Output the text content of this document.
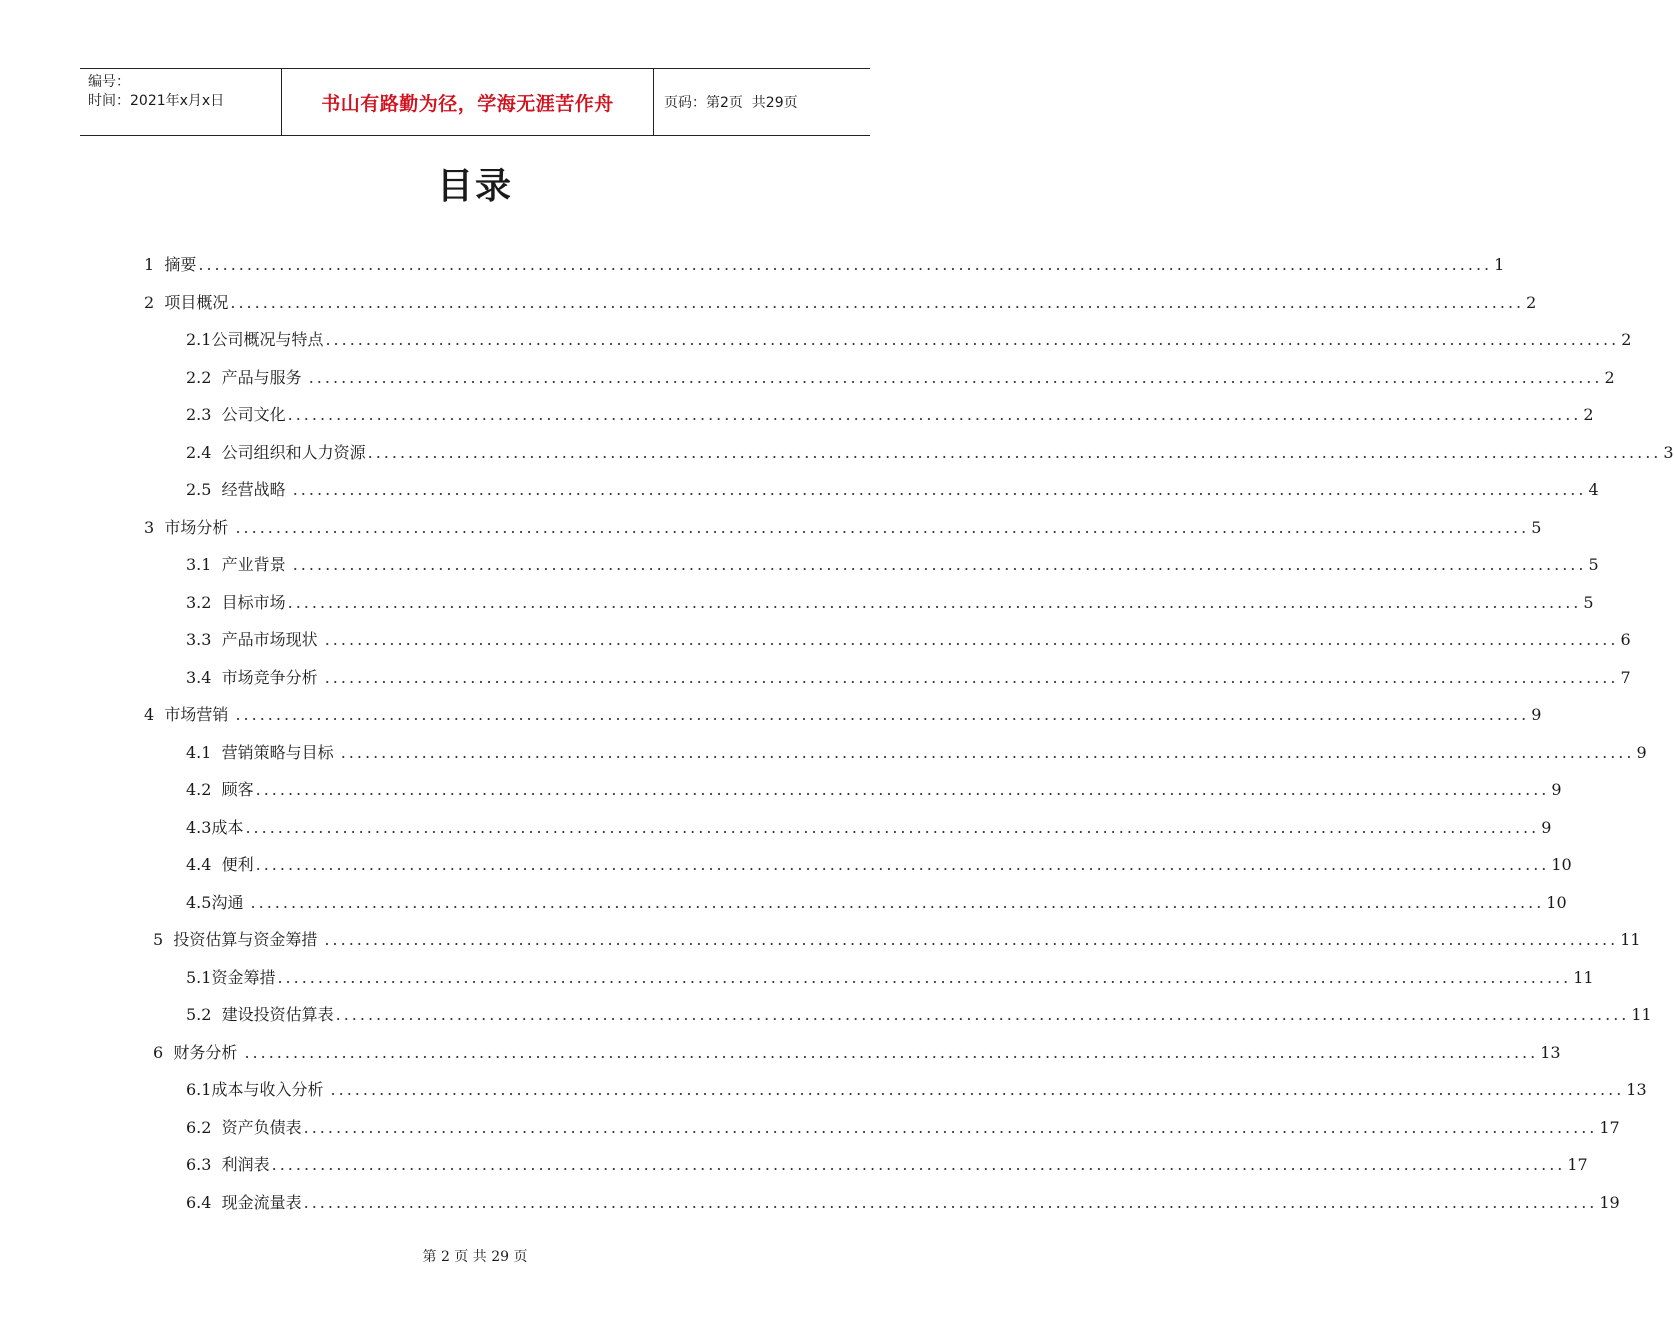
编号：
时间：2021年x月x日	书山有路勤为径，学海无涯苦作舟	页码：第2页  共29页
目录
1  摘要 ................................................................................................................................................................ 1
2  项目概况 ................................................................................................................................................................ 2
2.1公司概况与特点 ................................................................................................................................................................ 2
2.2  产品与服务 ................................................................................................................................................................ 2
2.3  公司文化 ................................................................................................................................................................ 2
2.4  公司组织和人力资源 ................................................................................................................................................................ 3
2.5  经营战略 ................................................................................................................................................................ 4
3  市场分析 ................................................................................................................................................................ 5
3.1  产业背景 ................................................................................................................................................................ 5
3.2  目标市场 ................................................................................................................................................................ 5
3.3  产品市场现状 ................................................................................................................................................................ 6
3.4  市场竞争分析 ................................................................................................................................................................ 7
4  市场营销 ................................................................................................................................................................ 9
4.1  营销策略与目标 ................................................................................................................................................................ 9
4.2  顾客 ................................................................................................................................................................ 9
4.3成本 ................................................................................................................................................................ 9
4.4  便利 ................................................................................................................................................................ 10
4.5沟通 ................................................................................................................................................................ 10
5  投资估算与资金筹措 ................................................................................................................................................................ 11
5.1资金筹措 ................................................................................................................................................................ 11
5.2  建设投资估算表 ................................................................................................................................................................ 11
6  财务分析 ................................................................................................................................................................ 13
6.1成本与收入分析 ................................................................................................................................................................ 13
6.2  资产负债表 ................................................................................................................................................................ 17
6.3  利润表 ................................................................................................................................................................ 17
6.4  现金流量表 ................................................................................................................................................................ 19
第 2 页 共 29 页
